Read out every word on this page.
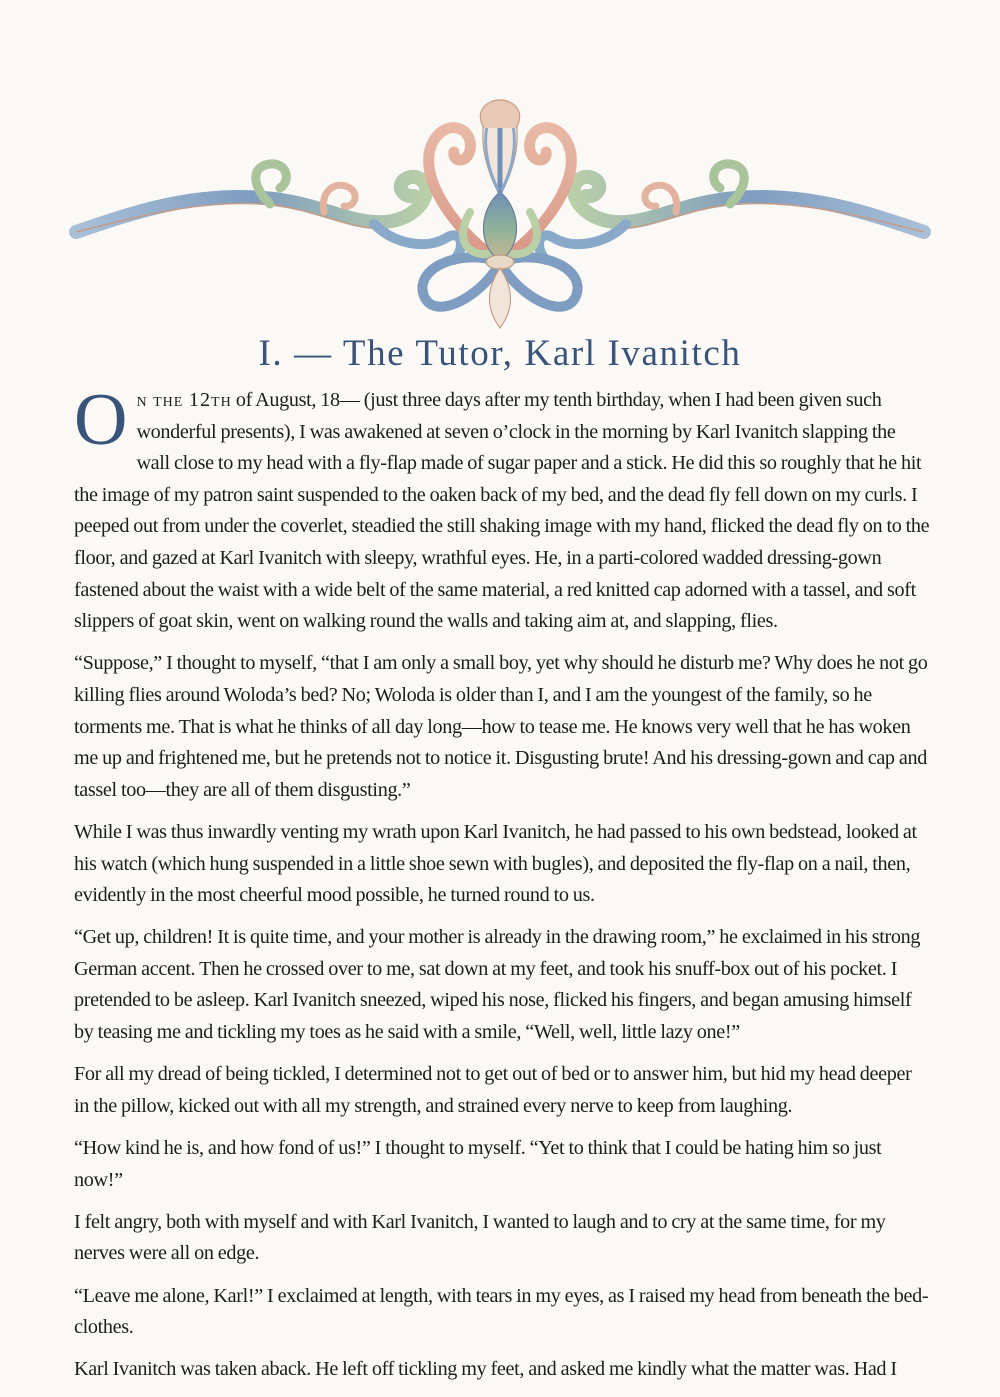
I. — The Tutor, Karl Ivanitch

On the 12th of August, 18— (just three days after my tenth birthday, when I had been given such wonderful presents), I was awakened at seven o’clock in the morning by Karl Ivanitch slapping the wall close to my head with a fly-flap made of sugar paper and a stick. He did this so roughly that he hit the image of my patron saint suspended to the oaken back of my bed, and the dead fly fell down on my curls. I peeped out from under the coverlet, steadied the still shaking image with my hand, flicked the dead fly on to the floor, and gazed at Karl Ivanitch with sleepy, wrathful eyes. He, in a parti-colored wadded dressing-gown fastened about the waist with a wide belt of the same material, a red knitted cap adorned with a tassel, and soft slippers of goat skin, went on walking round the walls and taking aim at, and slapping, flies.

“Suppose,” I thought to myself, “that I am only a small boy, yet why should he disturb me? Why does he not go killing flies around Woloda’s bed? No; Woloda is older than I, and I am the youngest of the family, so he torments me. That is what he thinks of all day long—how to tease me. He knows very well that he has woken me up and frightened me, but he pretends not to notice it. Disgusting brute! And his dressing-gown and cap and tassel too—they are all of them disgusting.”

While I was thus inwardly venting my wrath upon Karl Ivanitch, he had passed to his own bedstead, looked at his watch (which hung suspended in a little shoe sewn with bugles), and deposited the fly-flap on a nail, then, evidently in the most cheerful mood possible, he turned round to us.

“Get up, children! It is quite time, and your mother is already in the drawing room,” he exclaimed in his strong German accent. Then he crossed over to me, sat down at my feet, and took his snuff-box out of his pocket. I pretended to be asleep. Karl Ivanitch sneezed, wiped his nose, flicked his fingers, and began amusing himself by teasing me and tickling my toes as he said with a smile, “Well, well, little lazy one!”

For all my dread of being tickled, I determined not to get out of bed or to answer him, but hid my head deeper in the pillow, kicked out with all my strength, and strained every nerve to keep from laughing.

“How kind he is, and how fond of us!” I thought to myself. “Yet to think that I could be hating him so just now!”

I felt angry, both with myself and with Karl Ivanitch, I wanted to laugh and to cry at the same time, for my nerves were all on edge.

“Leave me alone, Karl!” I exclaimed at length, with tears in my eyes, as I raised my head from beneath the bed-clothes.

Karl Ivanitch was taken aback. He left off tickling my feet, and asked me kindly what the matter was. Had I
